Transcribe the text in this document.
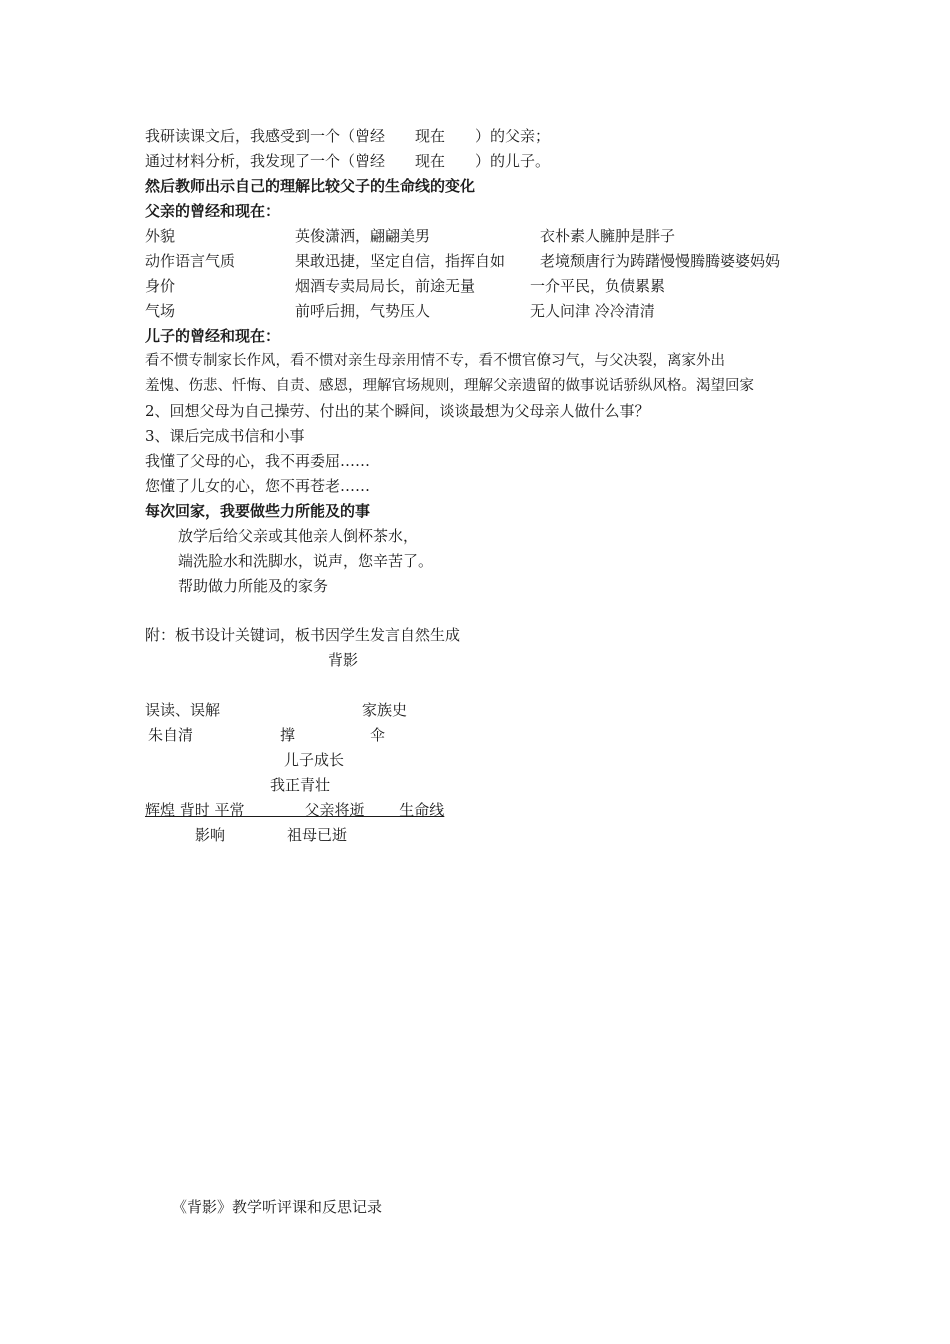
我研读课文后，我感受到一个（曾经　　现在　　）的父亲；
通过材料分析，我发现了一个（曾经　　现在　　）的儿子。
然后教师出示自己的理解比较父子的生命线的变化
父亲的曾经和现在：
外貌	英俊潇洒，翩翩美男	衣朴素人臃肿是胖子
动作语言气质	果敢迅捷，坚定自信，指挥自如 老境颓唐行为踌躇慢慢腾腾婆婆妈妈
身价	烟酒专卖局局长，前途无量	一介平民，负债累累
气场	前呼后拥，气势压人	无人问津 冷冷清清
儿子的曾经和现在：
看不惯专制家长作风，看不惯对亲生母亲用情不专，看不惯官僚习气，与父决裂，离家外出
羞愧、伤悲、忏悔、自责、感恩，理解官场规则，理解父亲遗留的做事说话骄纵风格。渴望回家
2、回想父母为自己操劳、付出的某个瞬间，谈谈最想为父母亲人做什么事？
3、课后完成书信和小事
我懂了父母的心，我不再委屈……
您懂了儿女的心，您不再苍老……
每次回家，我要做些力所能及的事
放学后给父亲或其他亲人倒杯茶水，
端洗脸水和洗脚水，说声，您辛苦了。
帮助做力所能及的家务
附：板书设计关键词，板书因学生发言自然生成
背影
误读、误解	家族史
朱自清	撑	伞
儿子成长
我正青壮
辉煌 背时 平常　　　　父亲将逝　　 生命线
影响	祖母已逝
《背影》教学听评课和反思记录
